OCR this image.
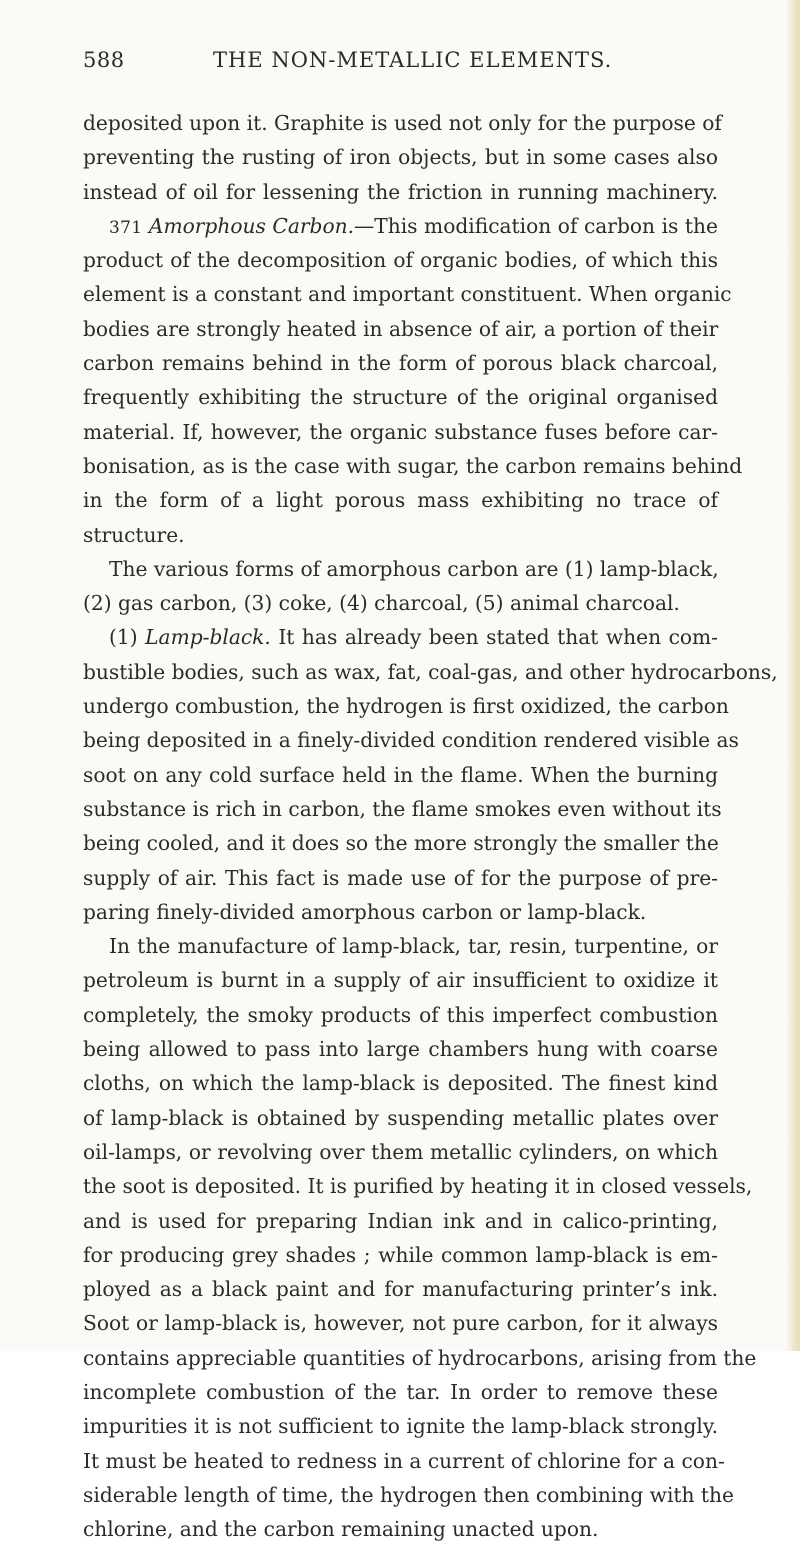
588	THE NON-METALLIC ELEMENTS.
deposited upon it. Graphite is used not only for the purpose of
preventing the rusting of iron objects, but in some cases also
instead of oil for lessening the friction in running machinery.
371 Amorphous Carbon.—This modification of carbon is the
product of the decomposition of organic bodies, of which this
element is a constant and important constituent. When organic
bodies are strongly heated in absence of air, a portion of their
carbon remains behind in the form of porous black charcoal,
frequently exhibiting the structure of the original organised
material. If, however, the organic substance fuses before car-
bonisation, as is the case with sugar, the carbon remains behind
in the form of a light porous mass exhibiting no trace of
structure.
The various forms of amorphous carbon are (1) lamp-black,
(2) gas carbon, (3) coke, (4) charcoal, (5) animal charcoal.
(1) Lamp-black. It has already been stated that when com-
bustible bodies, such as wax, fat, coal-gas, and other hydrocarbons,
undergo combustion, the hydrogen is first oxidized, the carbon
being deposited in a finely-divided condition rendered visible as
soot on any cold surface held in the flame. When the burning
substance is rich in carbon, the flame smokes even without its
being cooled, and it does so the more strongly the smaller the
supply of air. This fact is made use of for the purpose of pre-
paring finely-divided amorphous carbon or lamp-black.
In the manufacture of lamp-black, tar, resin, turpentine, or
petroleum is burnt in a supply of air insufficient to oxidize it
completely, the smoky products of this imperfect combustion
being allowed to pass into large chambers hung with coarse
cloths, on which the lamp-black is deposited. The finest kind
of lamp-black is obtained by suspending metallic plates over
oil-lamps, or revolving over them metallic cylinders, on which
the soot is deposited. It is purified by heating it in closed vessels,
and is used for preparing Indian ink and in calico-printing,
for producing grey shades ; while common lamp-black is em-
ployed as a black paint and for manufacturing printer’s ink.
Soot or lamp-black is, however, not pure carbon, for it always
contains appreciable quantities of hydrocarbons, arising from the
incomplete combustion of the tar. In order to remove these
impurities it is not sufficient to ignite the lamp-black strongly.
It must be heated to redness in a current of chlorine for a con-
siderable length of time, the hydrogen then combining with the
chlorine, and the carbon remaining unacted upon.
